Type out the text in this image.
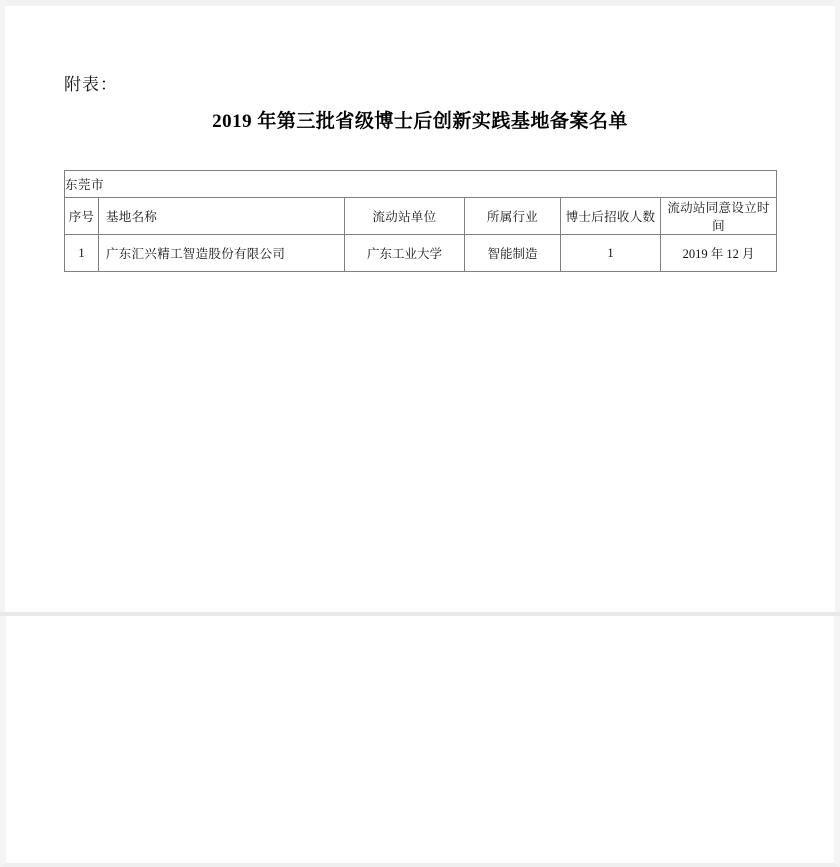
附表：
2019 年第三批省级博士后创新实践基地备案名单
东莞市					
序号	基地名称	流动站单位	所属行业	博士后招收人数	流动站同意设立时间
1	广东汇兴精工智造股份有限公司	广东工业大学	智能制造	1	2019 年 12 月
